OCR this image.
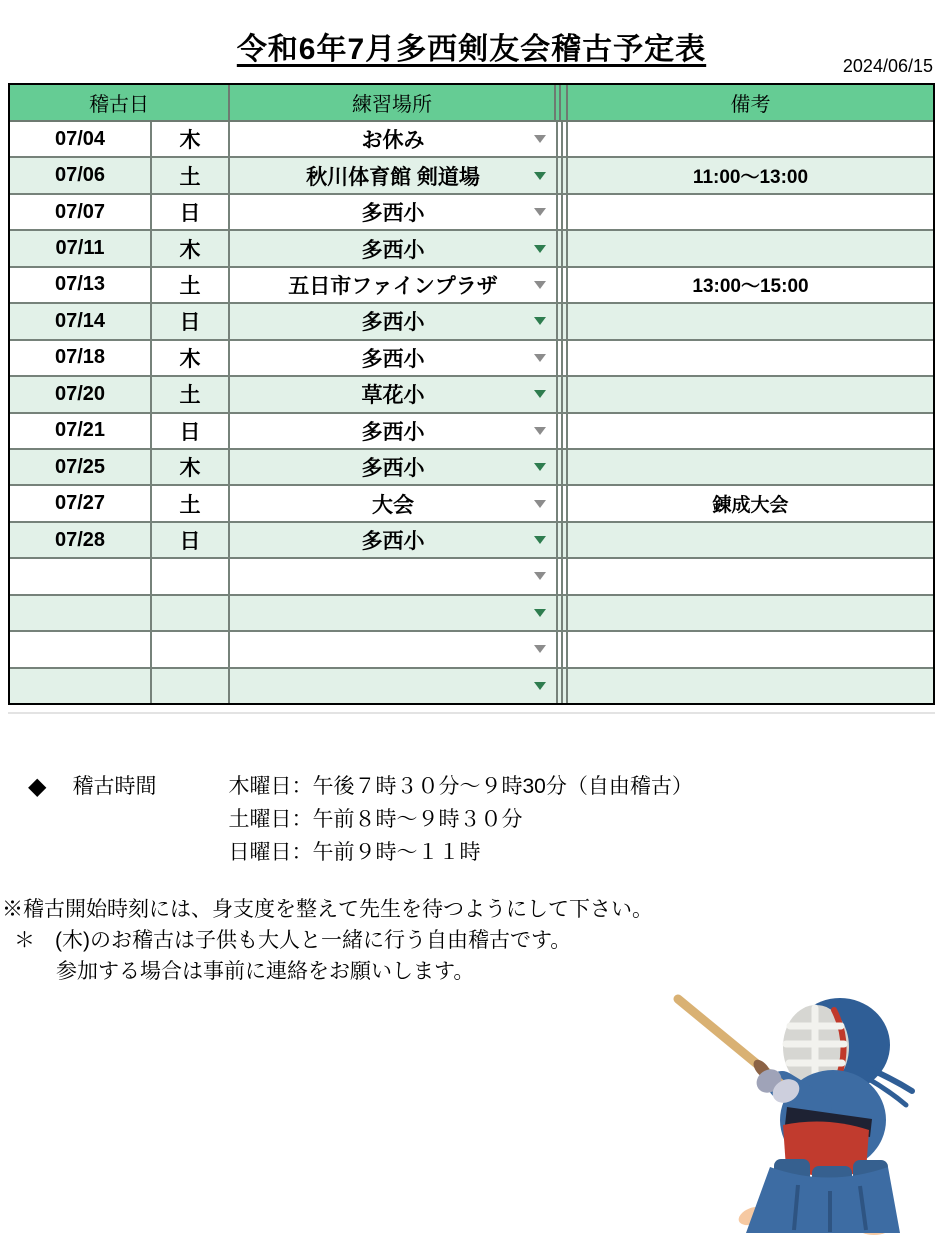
令和6年7月多西剣友会稽古予定表	2024/06/15
稽古日	練習場所	備考
07/04	木	お休み
07/06	土	秋川体育館 剣道場	11:00〜13:00
07/07	日	多西小
07/11	木	多西小
07/13	土	五日市ファインプラザ	13:00〜15:00
07/14	日	多西小
07/18	木	多西小
07/20	土	草花小
07/21	日	多西小
07/25	木	多西小
07/27	土	大会	錬成大会
07/28	日	多西小
◆ 稽古時間	木曜日：午後７時３０分〜９時30分（自由稽古）
土曜日：午前８時〜９時３０分
日曜日：午前９時〜１１時
※稽古開始時刻には、身支度を整えて先生を待つようにして下さい。
＊ (木)のお稽古は子供も大人と一緒に行う自由稽古です。
参加する場合は事前に連絡をお願いします。
